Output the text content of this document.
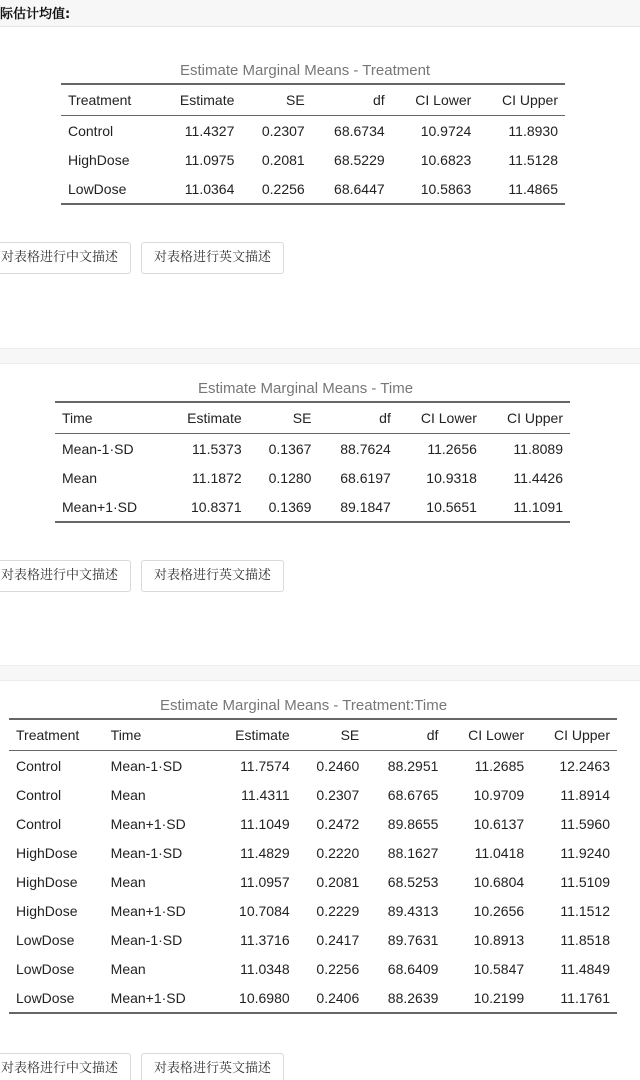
际估计均值:
Estimate Marginal Means - Treatment
Treatment	Estimate	SE	df	CI Lower	CI Upper
Control	11.4327	0.2307	68.6734	10.9724	11.8930
HighDose	11.0975	0.2081	68.5229	10.6823	11.5128
LowDose	11.0364	0.2256	68.6447	10.5863	11.4865
对表格进行中文描述	对表格进行英文描述
Estimate Marginal Means - Time
Time	Estimate	SE	df	CI Lower	CI Upper
Mean-1·SD	11.5373	0.1367	88.7624	11.2656	11.8089
Mean	11.1872	0.1280	68.6197	10.9318	11.4426
Mean+1·SD	10.8371	0.1369	89.1847	10.5651	11.1091
对表格进行中文描述	对表格进行英文描述
Estimate Marginal Means - Treatment:Time
Treatment	Time	Estimate	SE	df	CI Lower	CI Upper
Control	Mean-1·SD	11.7574	0.2460	88.2951	11.2685	12.2463
Control	Mean	11.4311	0.2307	68.6765	10.9709	11.8914
Control	Mean+1·SD	11.1049	0.2472	89.8655	10.6137	11.5960
HighDose	Mean-1·SD	11.4829	0.2220	88.1627	11.0418	11.9240
HighDose	Mean	11.0957	0.2081	68.5253	10.6804	11.5109
HighDose	Mean+1·SD	10.7084	0.2229	89.4313	10.2656	11.1512
LowDose	Mean-1·SD	11.3716	0.2417	89.7631	10.8913	11.8518
LowDose	Mean	11.0348	0.2256	68.6409	10.5847	11.4849
LowDose	Mean+1·SD	10.6980	0.2406	88.2639	10.2199	11.1761
对表格进行中文描述	对表格进行英文描述
